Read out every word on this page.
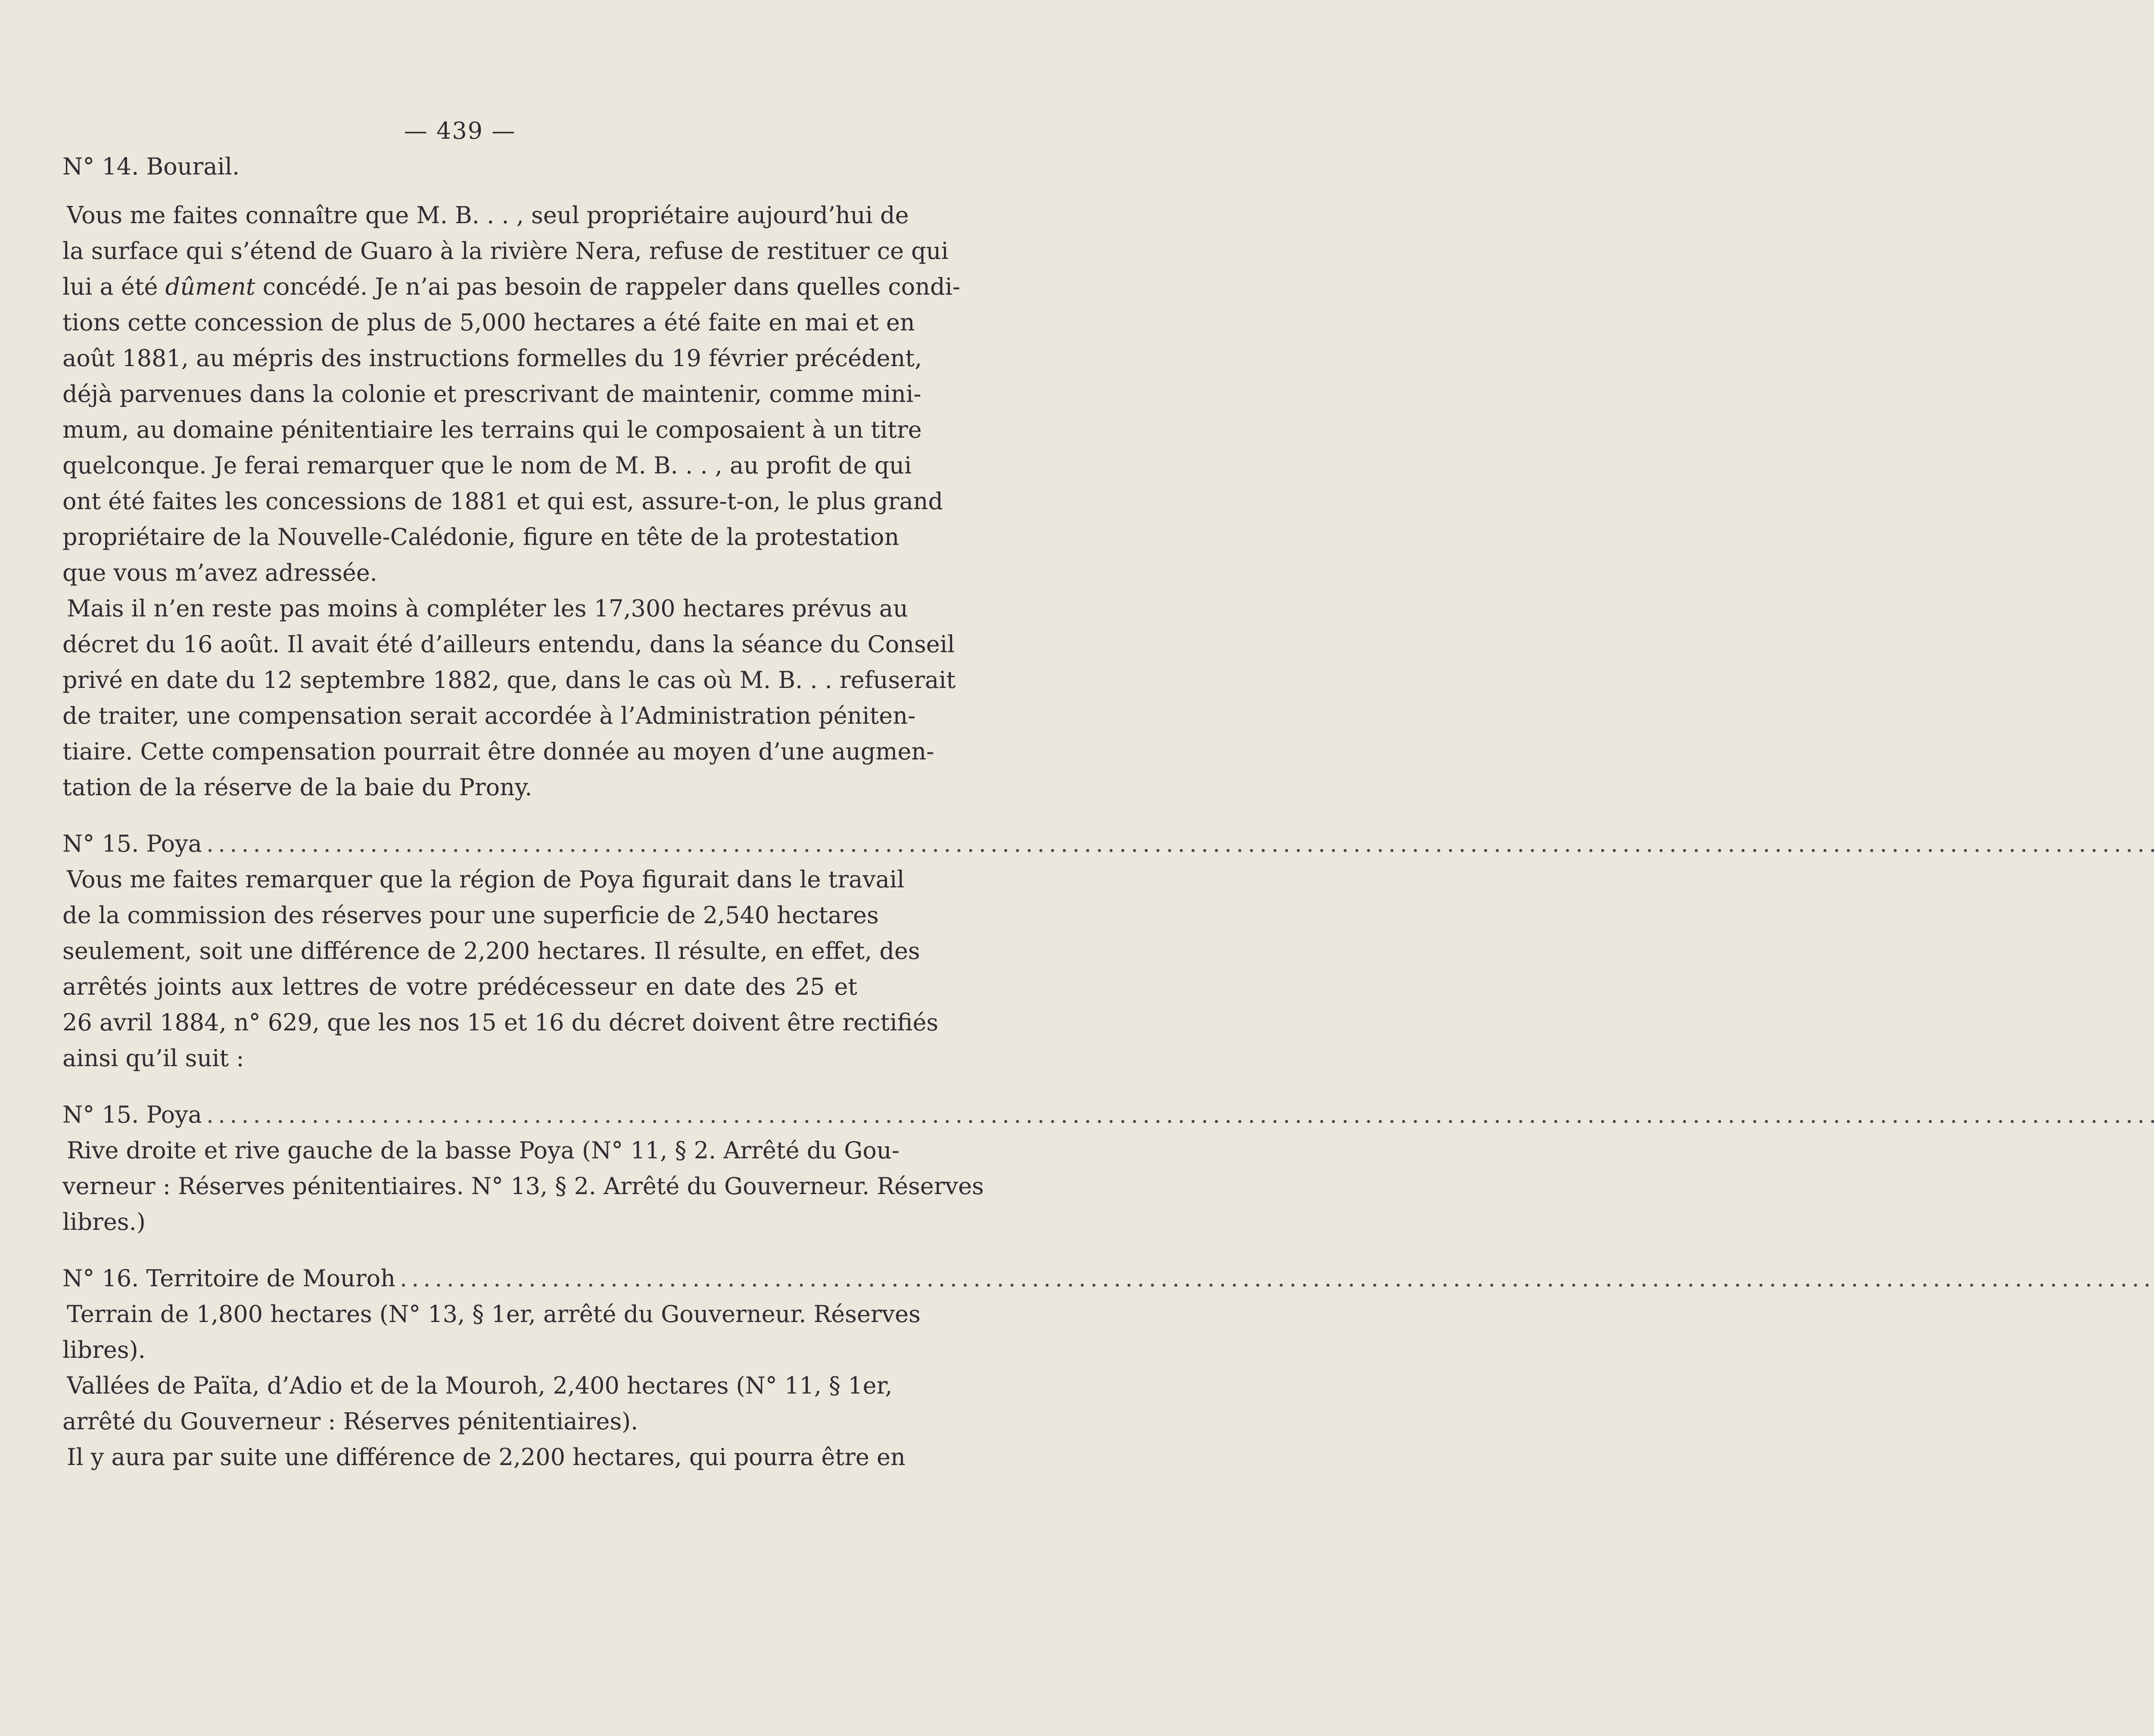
— 439 —
N° 14. Bourail.
Vous me faites connaître que M. B. . . , seul propriétaire aujourd’hui de
la surface qui s’étend de Guaro à la rivière Nera, refuse de restituer ce qui
lui a été dûment concédé. Je n’ai pas besoin de rappeler dans quelles condi-
tions cette concession de plus de 5,000 hectares a été faite en mai et en
août 1881, au mépris des instructions formelles du 19 février précédent,
déjà parvenues dans la colonie et prescrivant de maintenir, comme mini-
mum, au domaine pénitentiaire les terrains qui le composaient à un titre
quelconque. Je ferai remarquer que le nom de M. B. . . , au profit de qui
ont été faites les concessions de 1881 et qui est, assure-t-on, le plus grand
propriétaire de la Nouvelle-Calédonie, figure en tête de la protestation
que vous m’avez adressée.
Mais il n’en reste pas moins à compléter les 17,300 hectares prévus au
décret du 16 août. Il avait été d’ailleurs entendu, dans la séance du Conseil
privé en date du 12 septembre 1882, que, dans le cas où M. B. . . refuserait
de traiter, une compensation serait accordée à l’Administration péniten-
tiaire. Cette compensation pourrait être donnée au moyen d’une augmen-
tation de la réserve de la baie du Prony.
N° 15. Poya
.....
Vous me faites remarquer que la région de Poya figurait dans le travail
de la commission des réserves pour une superficie de 2,540 hectares
seulement, soit une différence de 2,200 hectares. Il résulte, en effet, des
arrêtés joints aux lettres de votre prédécesseur en date des 25 et
26 avril 1884, n° 629, que les nos 15 et 16 du décret doivent être rectifiés
ainsi qu’il suit :
N° 15. Poya
.....
Rive droite et rive gauche de la basse Poya (N° 11, § 2. Arrêté du Gou-
verneur : Réserves pénitentiaires. N° 13, § 2. Arrêté du Gouverneur. Réserves
libres.)
N° 16. Territoire de Mouroh
.....
Terrain de 1,800 hectares (N° 13, § 1er, arrêté du Gouverneur. Réserves
libres).
Vallées de Païta, d’Adio et de la Mouroh, 2,400 hectares (N° 11, § 1er,
arrêté du Gouverneur : Réserves pénitentiaires).
Il y aura par suite une différence de 2,200 hectares, qui pourra être en
